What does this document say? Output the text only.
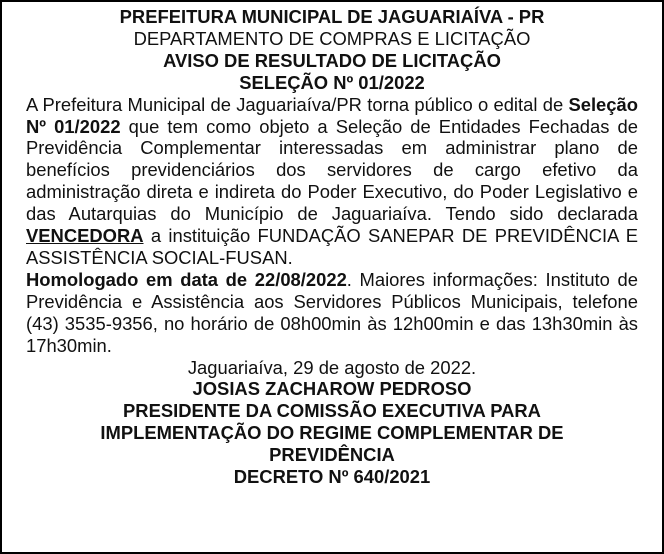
PREFEITURA MUNICIPAL DE JAGUARIAÍVA - PR
DEPARTAMENTO DE COMPRAS E LICITAÇÃO
AVISO DE RESULTADO DE LICITAÇÃO
SELEÇÃO Nº 01/2022
A Prefeitura Municipal de Jaguariaíva/PR torna público o edital de Seleção Nº 01/2022 que tem como objeto a Seleção de Entidades Fechadas de Previdência Complementar interessadas em administrar plano de benefícios previdenciários dos servidores de cargo efetivo da administração direta e indireta do Poder Executivo, do Poder Legislativo e das Autarquias do Município de Jaguariaíva. Tendo sido declarada VENCEDORA a instituição FUNDAÇÃO SANEPAR DE PREVIDÊNCIA E ASSISTÊNCIA SOCIAL-FUSAN.
Homologado em data de 22/08/2022. Maiores informações: Instituto de Previdência e Assistência aos Servidores Públicos Municipais, telefone (43) 3535-9356, no horário de 08h00min às 12h00min e das 13h30min às 17h30min.
Jaguariaíva, 29 de agosto de 2022.
JOSIAS ZACHAROW PEDROSO
PRESIDENTE DA COMISSÃO EXECUTIVA PARA
IMPLEMENTAÇÃO DO REGIME COMPLEMENTAR DE
PREVIDÊNCIA
DECRETO Nº 640/2021
